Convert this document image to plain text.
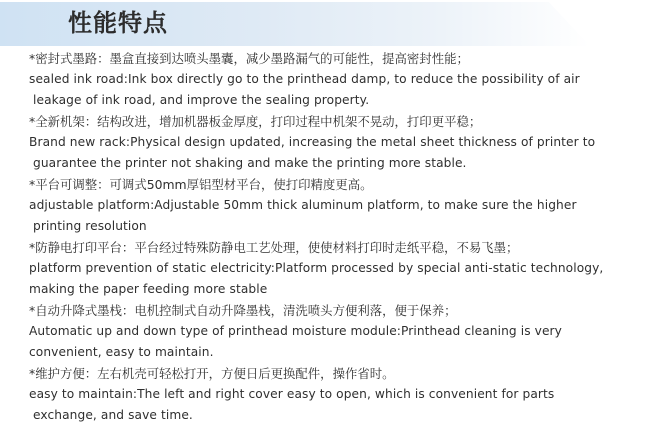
性能特点
*密封式墨路：墨盒直接到达喷头墨囊，减少墨路漏气的可能性，提高密封性能；
sealed ink road:Ink box directly go to the printhead damp, to reduce the possibility of air
leakage of ink road, and improve the sealing property.
*全新机架：结构改进，增加机器板金厚度，打印过程中机架不晃动，打印更平稳；
Brand new rack:Physical design updated, increasing the metal sheet thickness of printer to
guarantee the printer not shaking and make the printing more stable.
*平台可调整：可调式50mm厚铝型材平台，使打印精度更高。
adjustable platform:Adjustable 50mm thick aluminum platform, to make sure the higher
printing resolution
*防静电打印平台：平台经过特殊防静电工艺处理，使使材料打印时走纸平稳，不易飞墨；
platform prevention of static electricity:Platform processed by special anti-static technology,
making the paper feeding more stable
*自动升降式墨栈：电机控制式自动升降墨栈，清洗喷头方便利落，便于保养；
Automatic up and down type of printhead moisture module:Printhead cleaning is very
convenient, easy to maintain.
*维护方便：左右机壳可轻松打开，方便日后更换配件，操作省时。
easy to maintain:The left and right cover easy to open, which is convenient for parts
exchange, and save time.
